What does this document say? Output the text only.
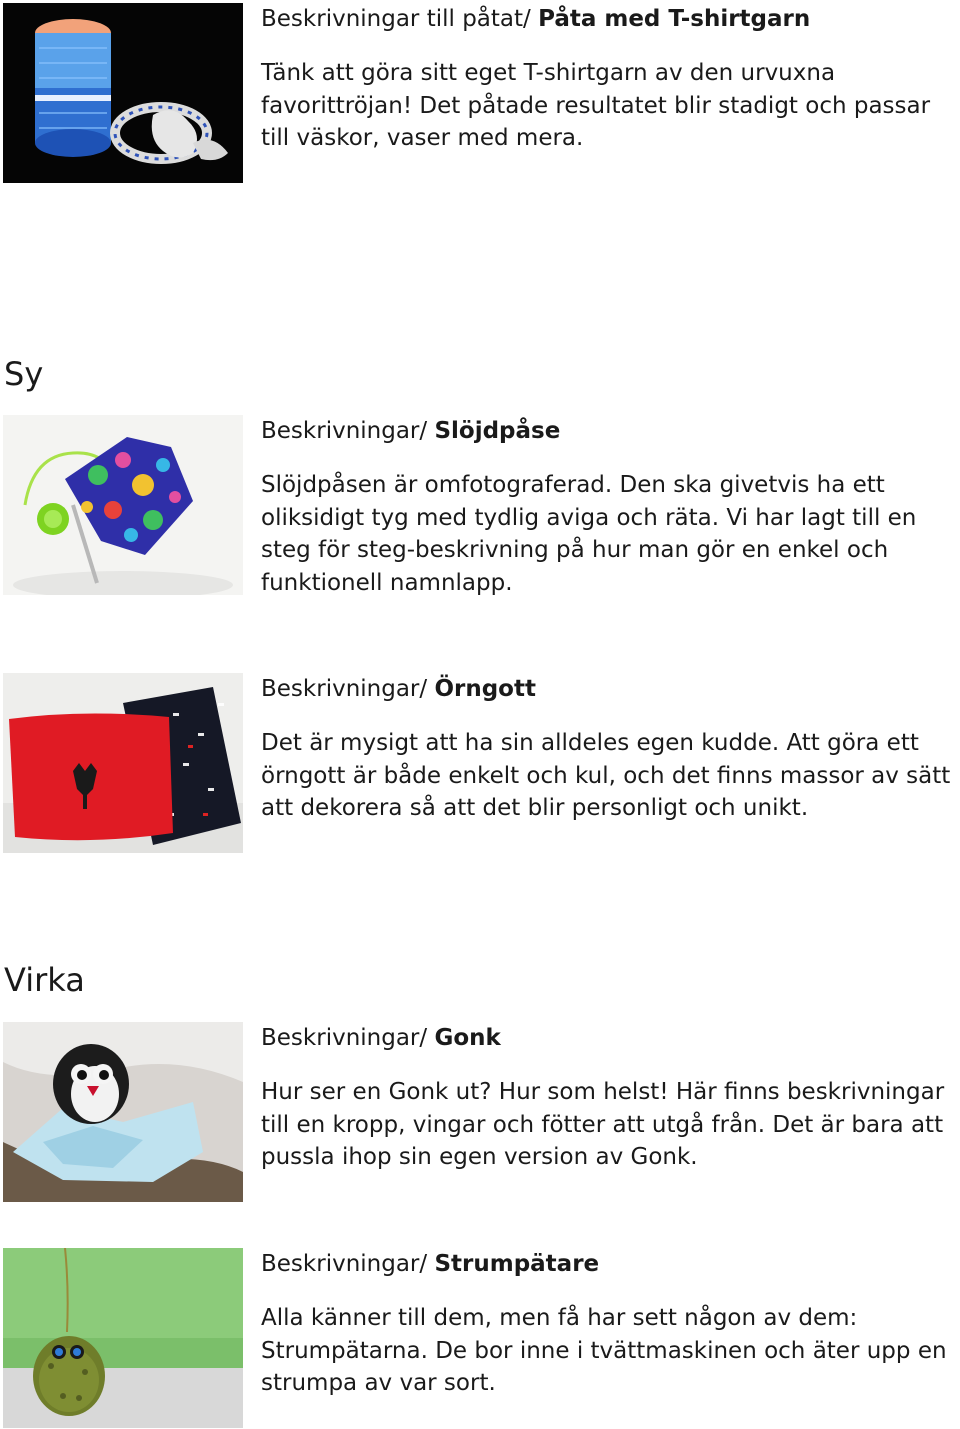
Beskrivningar till påtat/ Påta med T-shirtgarn

Tänk att göra sitt eget T-shirtgarn av den urvuxna favorittröjan! Det påtade resultatet blir stadigt och passar till väskor, vaser med mera.

Sy

Beskrivningar/ Slöjdpåse

Slöjdpåsen är omfotograferad. Den ska givetvis ha ett oliksidigt tyg med tydlig aviga och räta. Vi har lagt till en steg för steg-beskrivning på hur man gör en enkel och funktionell namnlapp.

Beskrivningar/ Örngott

Det är mysigt att ha sin alldeles egen kudde. Att göra ett örngott är både enkelt och kul, och det finns massor av sätt att dekorera så att det blir personligt och unikt.

Virka

Beskrivningar/ Gonk

Hur ser en Gonk ut? Hur som helst! Här finns beskrivningar till en kropp, vingar och fötter att utgå från. Det är bara att pussla ihop sin egen version av Gonk.

Beskrivningar/ Strumpätare

Alla känner till dem, men få har sett någon av dem: Strumpätarna. De bor inne i tvättmaskinen och äter upp en strumpa av var sort.
